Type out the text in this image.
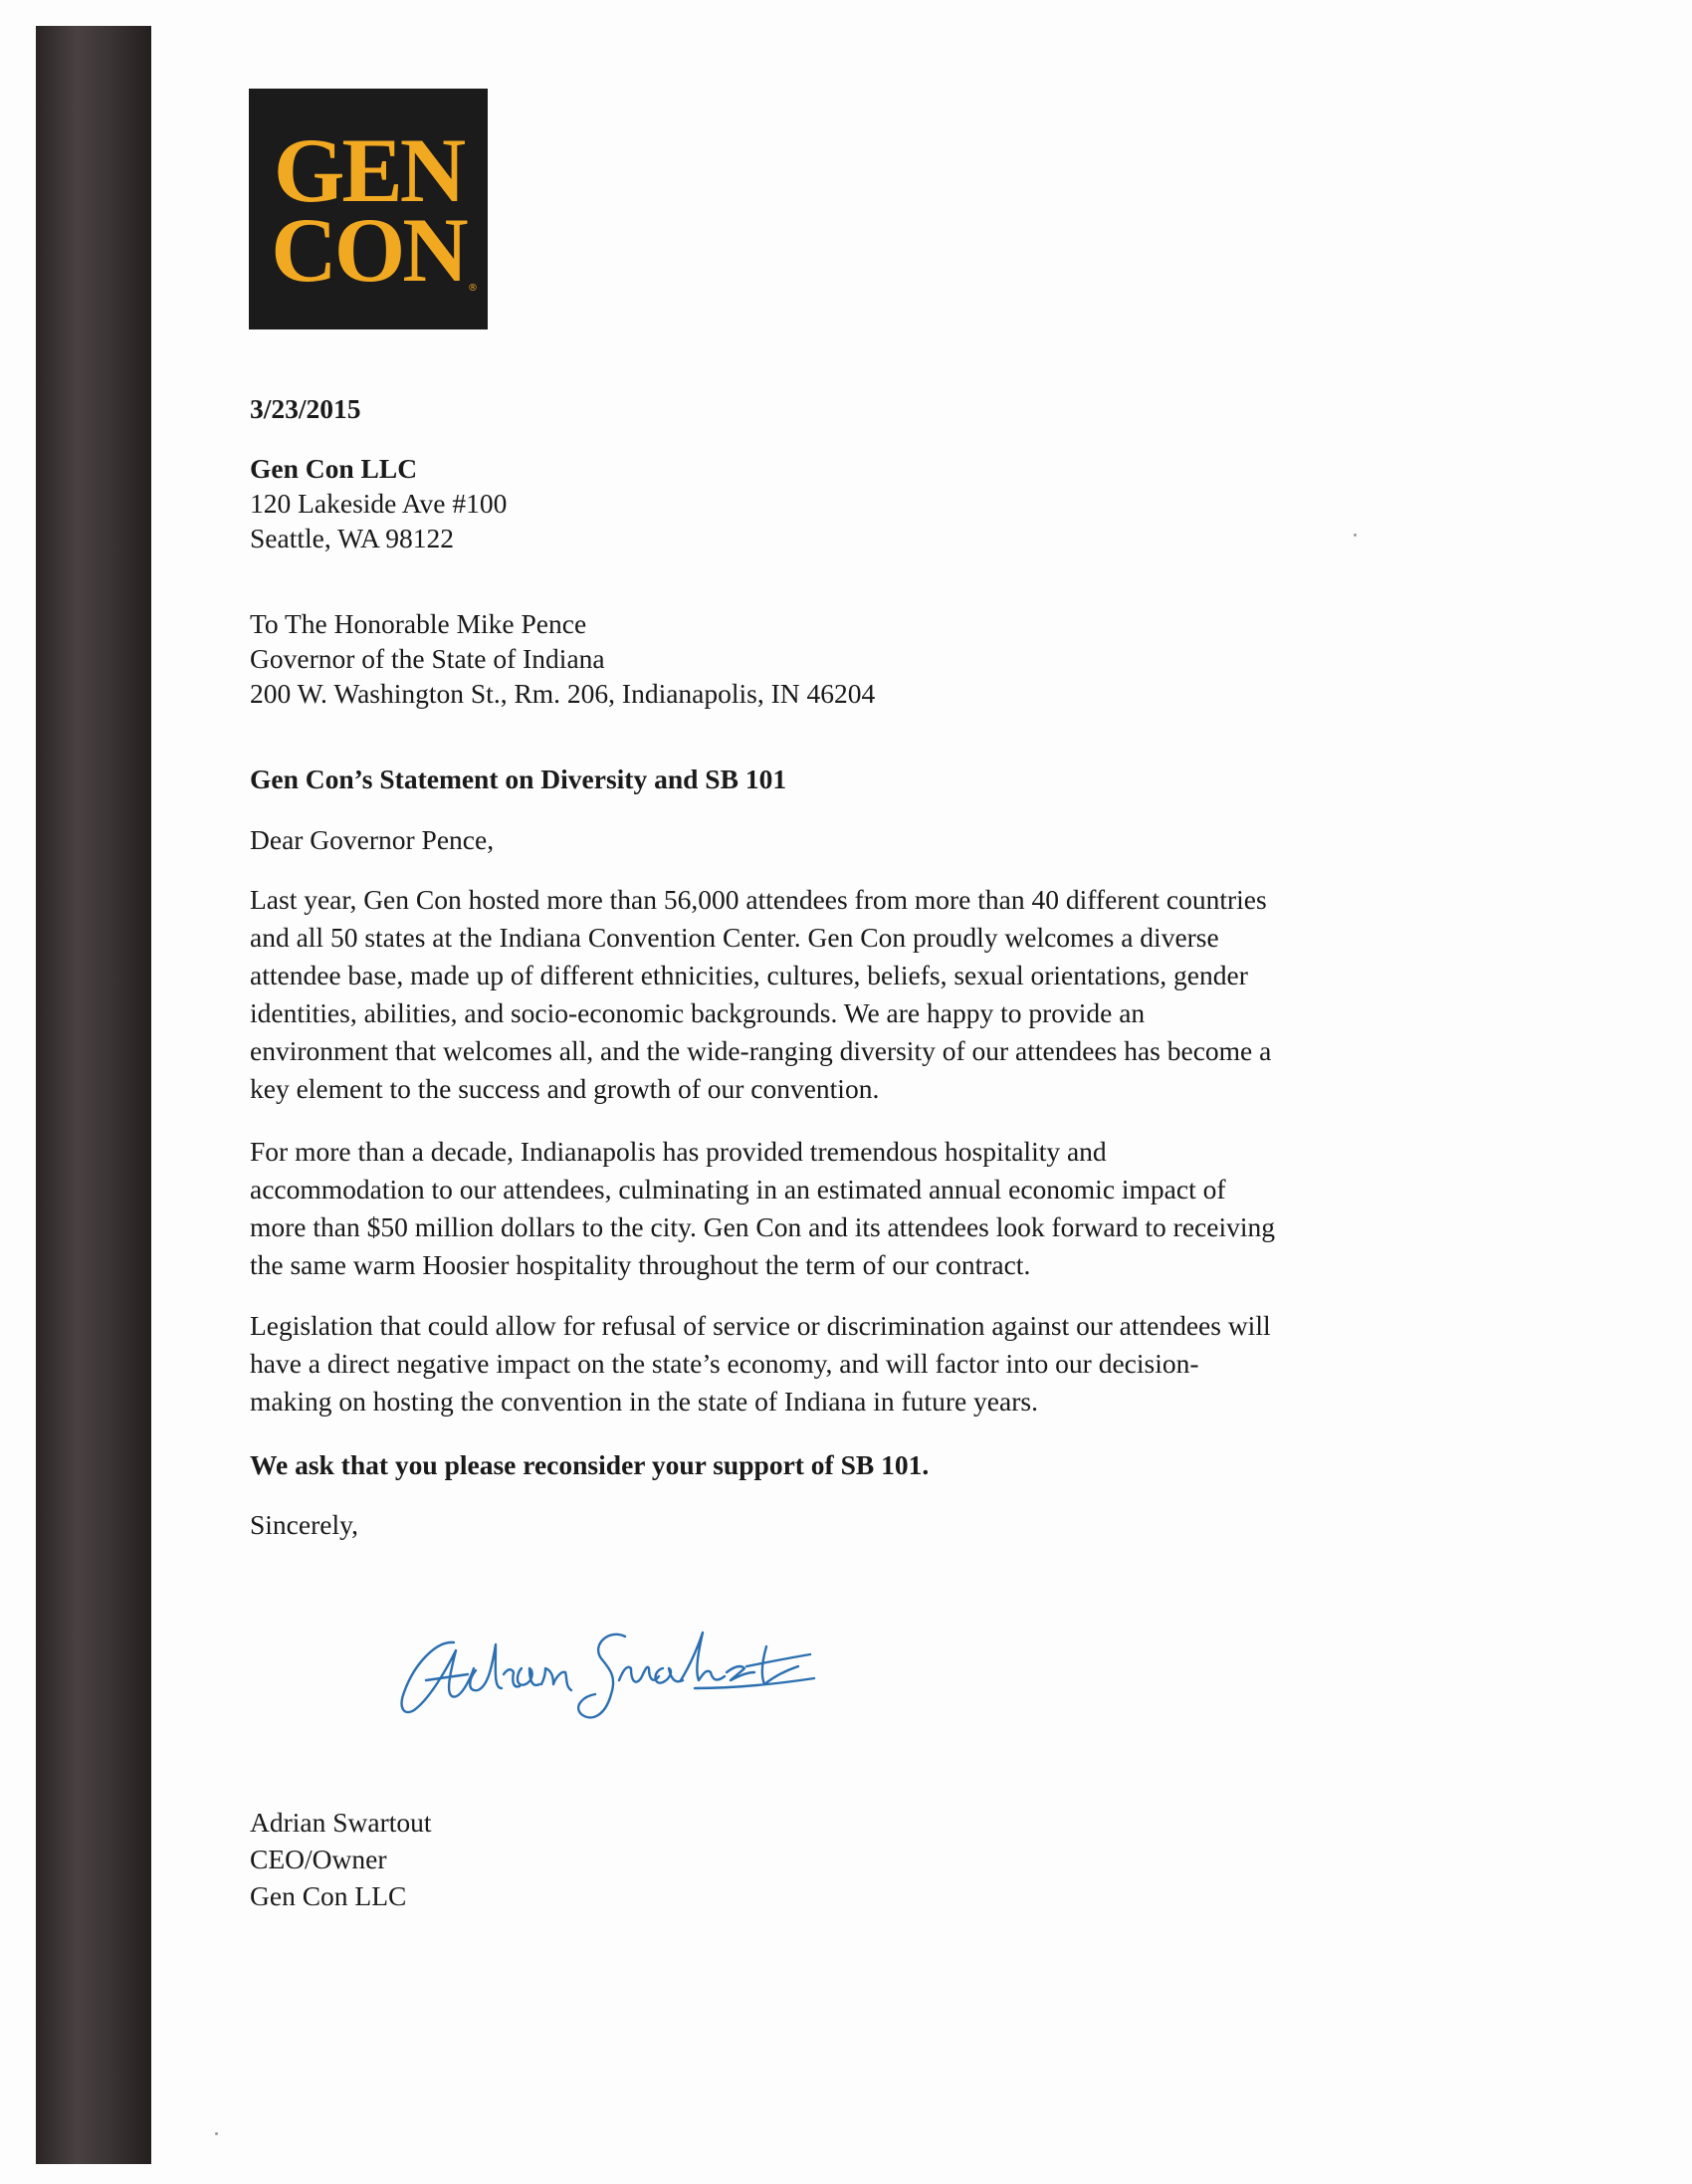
GEN
CON ®
3/23/2015
Gen Con LLC
120 Lakeside Ave #100
Seattle, WA 98122
To The Honorable Mike Pence
Governor of the State of Indiana
200 W. Washington St., Rm. 206, Indianapolis, IN 46204
Gen Con’s Statement on Diversity and SB 101
Dear Governor Pence,
Last year, Gen Con hosted more than 56,000 attendees from more than 40 different countries
and all 50 states at the Indiana Convention Center. Gen Con proudly welcomes a diverse
attendee base, made up of different ethnicities, cultures, beliefs, sexual orientations, gender
identities, abilities, and socio-economic backgrounds. We are happy to provide an
environment that welcomes all, and the wide-ranging diversity of our attendees has become a
key element to the success and growth of our convention.
For more than a decade, Indianapolis has provided tremendous hospitality and
accommodation to our attendees, culminating in an estimated annual economic impact of
more than $50 million dollars to the city. Gen Con and its attendees look forward to receiving
the same warm Hoosier hospitality throughout the term of our contract.
Legislation that could allow for refusal of service or discrimination against our attendees will
have a direct negative impact on the state’s economy, and will factor into our decision-
making on hosting the convention in the state of Indiana in future years.
We ask that you please reconsider your support of SB 101.
Sincerely,
Adrian Swartout
CEO/Owner
Gen Con LLC
